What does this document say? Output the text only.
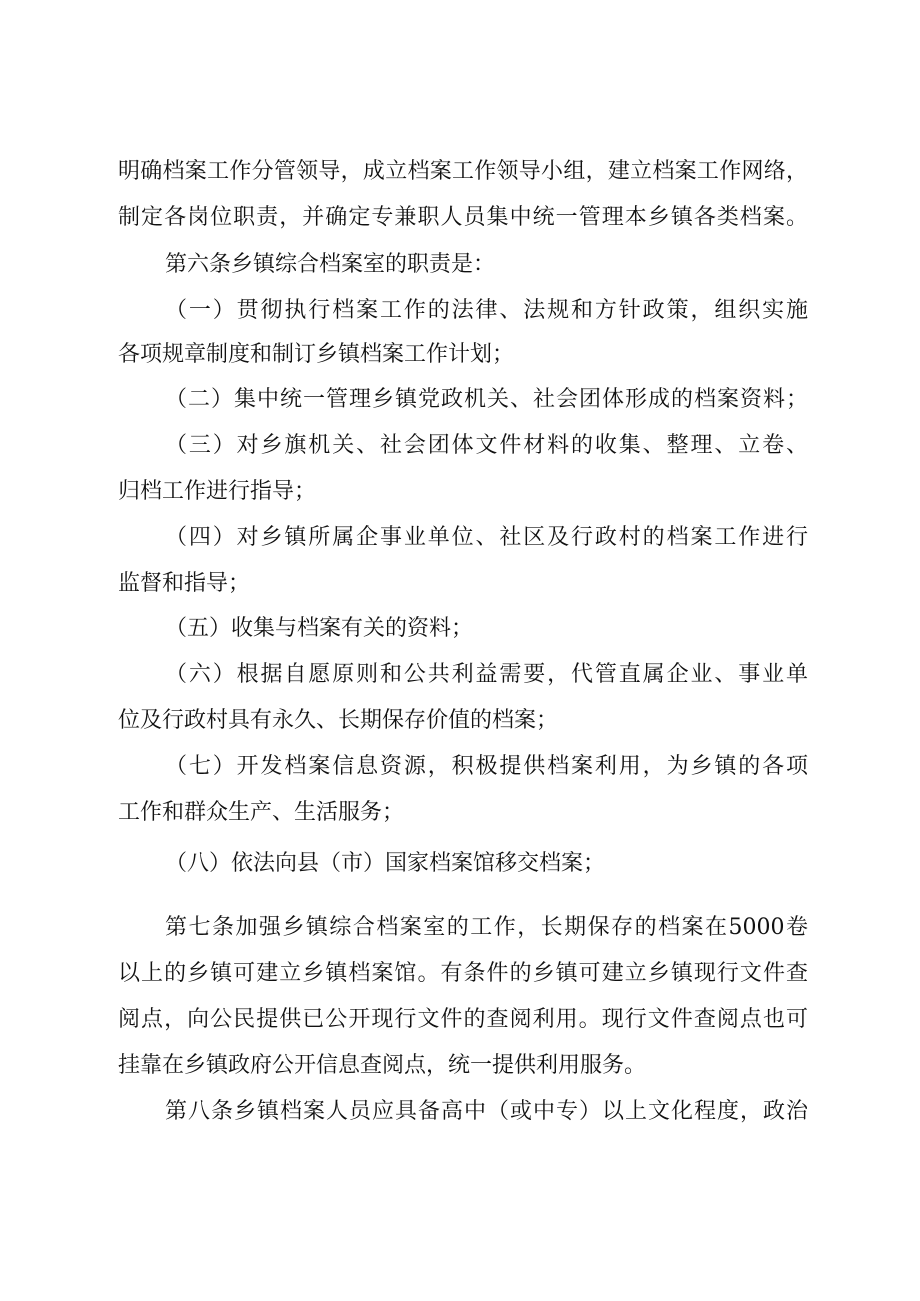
明确档案工作分管领导，成立档案工作领导小组，建立档案工作网络，
制定各岗位职责，并确定专兼职人员集中统一管理本乡镇各类档案。
第六条乡镇综合档案室的职责是：
（一）贯彻执行档案工作的法律、法规和方针政策，组织实施
各项规章制度和制订乡镇档案工作计划；
（二）集中统一管理乡镇党政机关、社会团体形成的档案资料；
（三）对乡旗机关、社会团体文件材料的收集、整理、立卷、
归档工作进行指导；
（四）对乡镇所属企事业单位、社区及行政村的档案工作进行
监督和指导；
（五）收集与档案有关的资料；
（六）根据自愿原则和公共利益需要，代管直属企业、事业单
位及行政村具有永久、长期保存价值的档案；
（七）开发档案信息资源，积极提供档案利用，为乡镇的各项
工作和群众生产、生活服务；
（八）依法向县（市）国家档案馆移交档案；
第七条加强乡镇综合档案室的工作，长期保存的档案在5000卷
以上的乡镇可建立乡镇档案馆。有条件的乡镇可建立乡镇现行文件查
阅点，向公民提供已公开现行文件的查阅利用。现行文件查阅点也可
挂靠在乡镇政府公开信息查阅点，统一提供利用服务。
第八条乡镇档案人员应具备高中（或中专）以上文化程度，政治
